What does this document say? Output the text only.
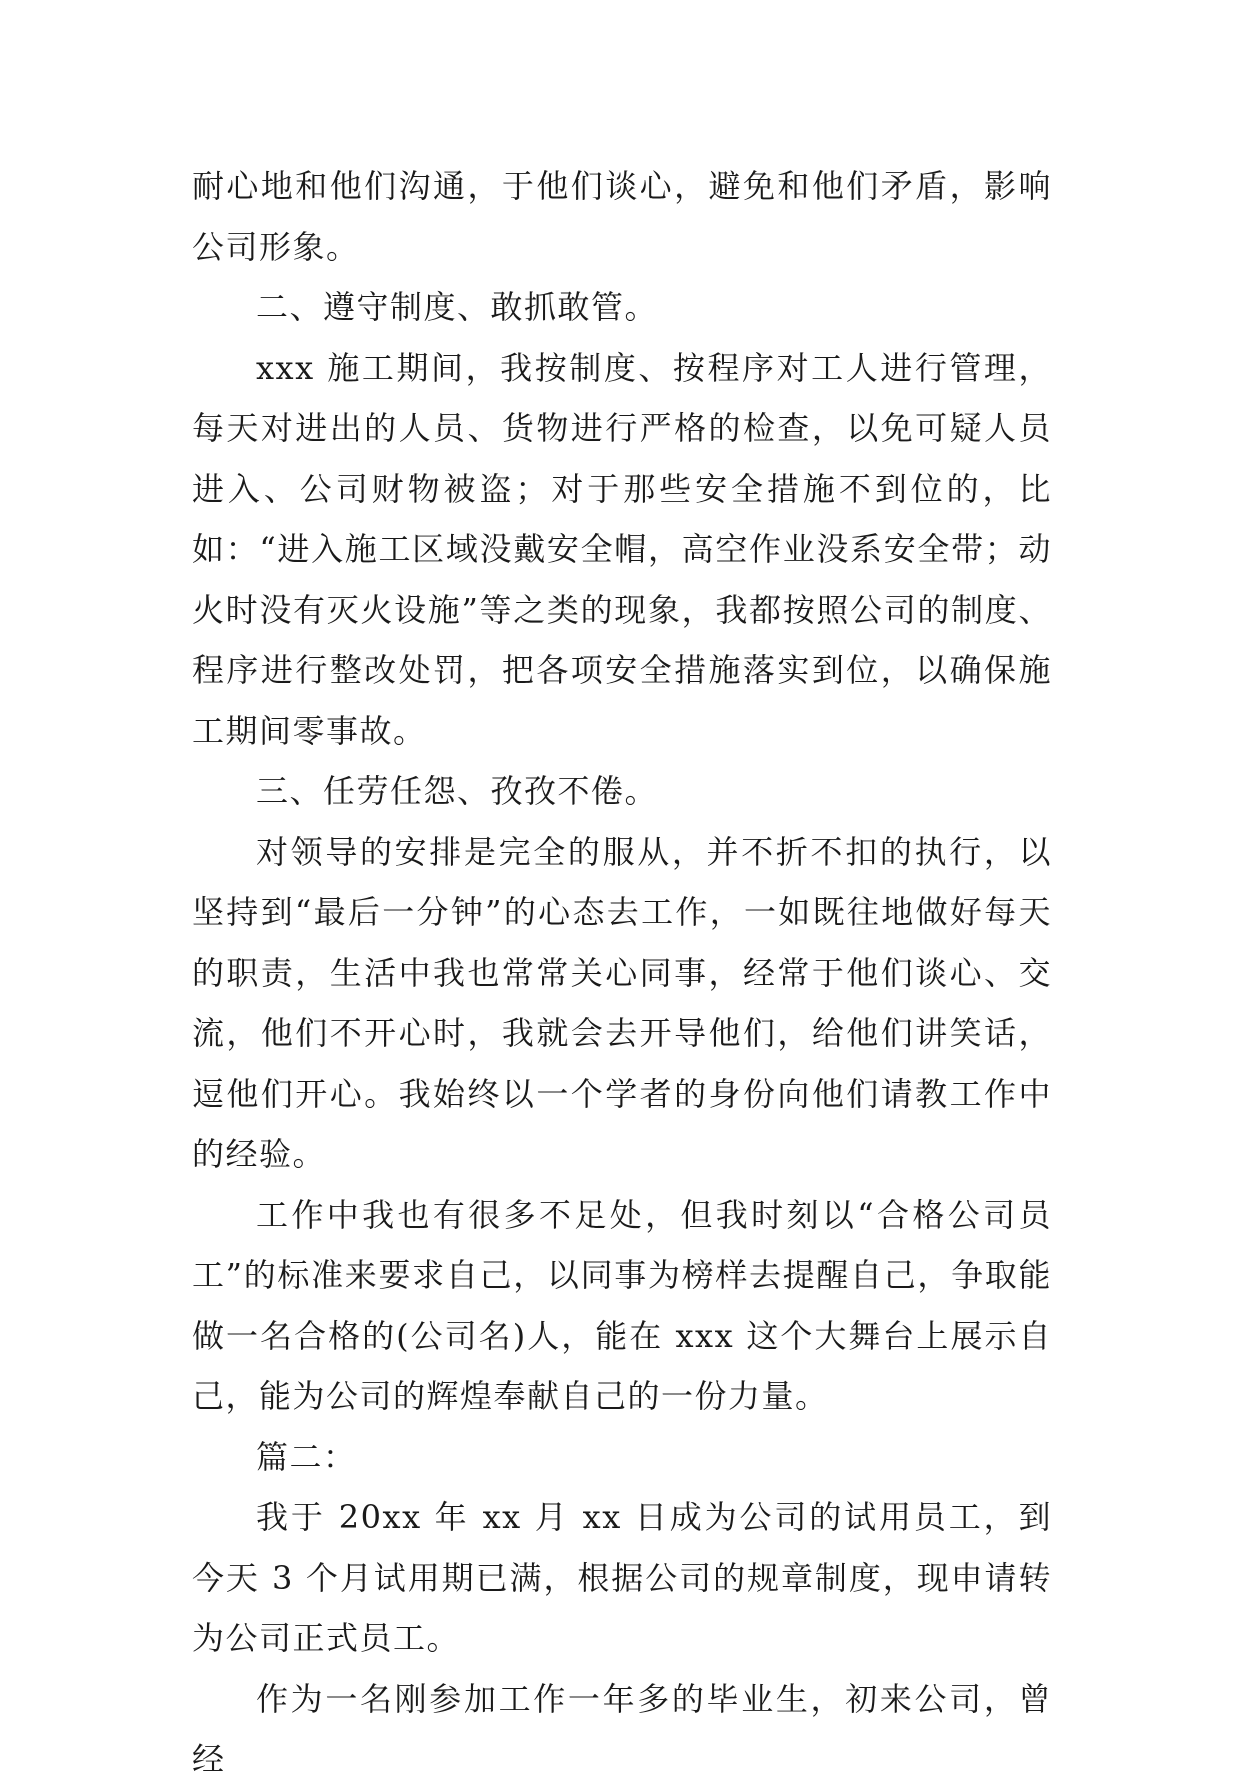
耐心地和他们沟通，于他们谈心，避免和他们矛盾，影响公司形象。

二、遵守制度、敢抓敢管。

xxx 施工期间，我按制度、按程序对工人进行管理，每天对进出的人员、货物进行严格的检查，以免可疑人员进入、公司财物被盗；对于那些安全措施不到位的，比如：“进入施工区域没戴安全帽，高空作业没系安全带；动火时没有灭火设施”等之类的现象，我都按照公司的制度、程序进行整改处罚，把各项安全措施落实到位，以确保施工期间零事故。

三、任劳任怨、孜孜不倦。

对领导的安排是完全的服从，并不折不扣的执行，以坚持到“最后一分钟”的心态去工作，一如既往地做好每天的职责，生活中我也常常关心同事，经常于他们谈心、交流，他们不开心时，我就会去开导他们，给他们讲笑话，逗他们开心。我始终以一个学者的身份向他们请教工作中的经验。

工作中我也有很多不足处，但我时刻以“合格公司员工”的标准来要求自己，以同事为榜样去提醒自己，争取能做一名合格的(公司名)人，能在 xxx 这个大舞台上展示自己，能为公司的辉煌奉献自己的一份力量。

篇二：

我于 20xx 年 xx 月 xx 日成为公司的试用员工，到今天 3 个月试用期已满，根据公司的规章制度，现申请转为公司正式员工。

作为一名刚参加工作一年多的毕业生，初来公司，曾经
